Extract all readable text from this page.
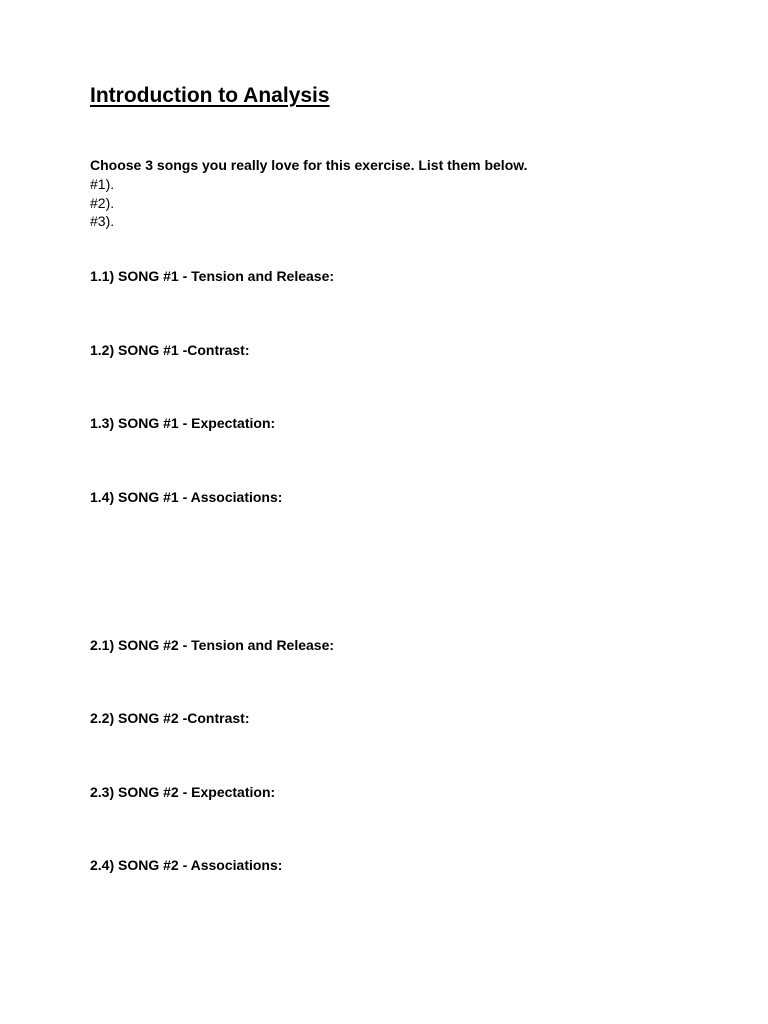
Introduction to Analysis
Choose 3 songs you really love for this exercise. List them below.
#1).
#2).
#3).
1.1) SONG #1 - Tension and Release:
1.2) SONG #1 -Contrast:
1.3) SONG #1 - Expectation:
1.4) SONG #1 - Associations:
2.1) SONG #2 - Tension and Release:
2.2) SONG #2 -Contrast:
2.3) SONG #2 - Expectation:
2.4) SONG #2 - Associations:
